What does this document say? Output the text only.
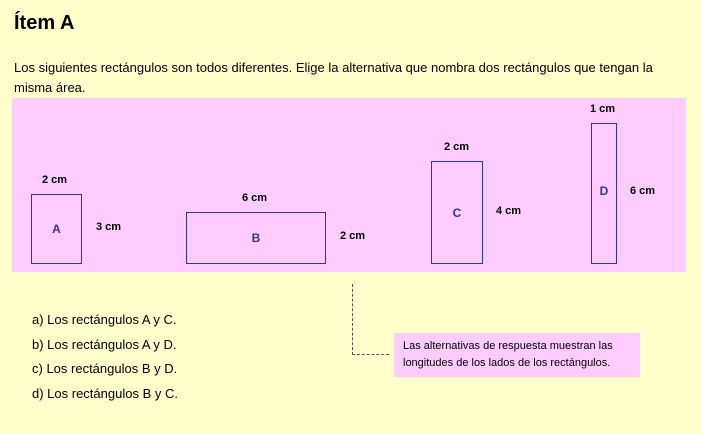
Ítem A
Los siguientes rectángulos son todos diferentes. Elige la alternativa que nombra dos rectángulos que tengan la misma área.
2 cm
A	3 cm
6 cm
B	2 cm
2 cm
C	4 cm
1 cm
D	6 cm
a) Los rectángulos A y C.
b) Los rectángulos A y D.
c) Los rectángulos B y D.
d) Los rectángulos B y C.
Las alternativas de respuesta muestran las longitudes de los lados de los rectángulos.
